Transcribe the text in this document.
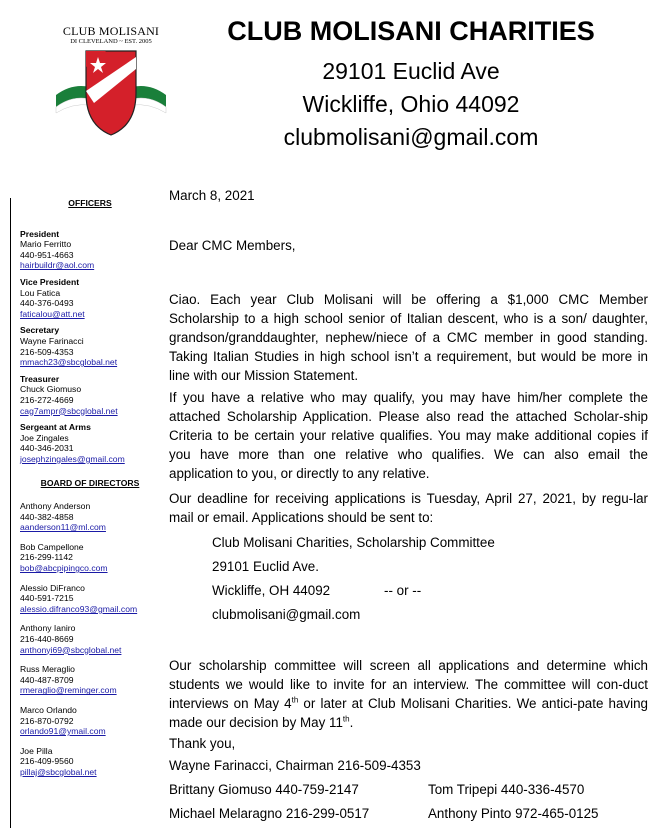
CLUB MOLISANI
DI CLEVELAND ~ EST. 2005	CLUB MOLISANI CHARITIES
29101 Euclid Ave
Wickliffe, Ohio 44092
clubmolisani@gmail.com
OFFICERS
President
Mario Ferritto
440-951-4663
hairbuildr@aol.com
Vice President
Lou Fatica
440-376-0493
faticalou@att.net
Secretary
Wayne Farinacci
216-509-4353
mmach23@sbcglobal.net
Treasurer
Chuck Giomuso
216-272-4669
cag7ampr@sbcglobal.net
Sergeant at Arms
Joe Zingales
440-346-2031
josephzingales@gmail.com
BOARD OF DIRECTORS
Anthony Anderson
440-382-4858
aanderson11@ml.com
Bob Campellone
216-299-1142
bob@abcpipingco.com
Alessio DiFranco
440-591-7215
alessio.difranco93@gmail.com
Anthony Ianiro
216-440-8669
anthonyi69@sbcglobal.net
Russ Meraglio
440-487-8709
rmeraglio@reminger.com
Marco Orlando
216-870-0792
orlando91@ymail.com
Joe Pilla
216-409-9560
pillaj@sbcglobal.net
March 8, 2021
Dear CMC Members,
Ciao. Each year Club Molisani will be offering a $1,000 CMC Member Scholarship to a high school senior of Italian descent, who is a son/ daughter, grandson/granddaughter, nephew/niece of a CMC member in good standing. Taking Italian Studies in high school isn’t a requirement, but would be more in line with our Mission Statement.
If you have a relative who may qualify, you may have him/her complete the attached Scholarship Application. Please also read the attached Scholar-ship Criteria to be certain your relative qualifies. You may make additional copies if you have more than one relative who qualifies. We can also email the application to you, or directly to any relative.
Our deadline for receiving applications is Tuesday, April 27, 2021, by regu-lar mail or email. Applications should be sent to:
Club Molisani Charities, Scholarship Committee
29101 Euclid Ave.
Wickliffe, OH 44092	-- or --
clubmolisani@gmail.com
Our scholarship committee will screen all applications and determine which students we would like to invite for an interview. The committee will con-duct interviews on May 4th or later at Club Molisani Charities. We antici-pate having made our decision by May 11th.
Thank you,
Wayne Farinacci, Chairman 216-509-4353
Brittany Giomuso 440-759-2147	Tom Tripepi 440-336-4570
Michael Melaragno 216-299-0517	Anthony Pinto 972-465-0125
